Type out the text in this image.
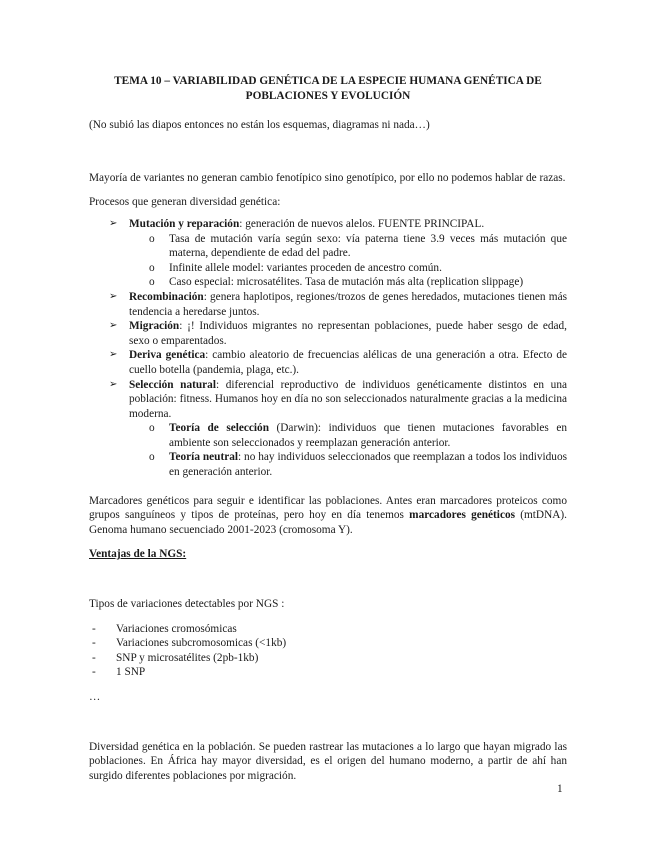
TEMA 10 – VARIABILIDAD GENÉTICA DE LA ESPECIE HUMANA GENÉTICA DE POBLACIONES Y EVOLUCIÓN

(No subió las diapos entonces no están los esquemas, diagramas ni nada…)

Mayoría de variantes no generan cambio fenotípico sino genotípico, por ello no podemos hablar de razas.

Procesos que generan diversidad genética:

➢ Mutación y reparación: generación de nuevos alelos. FUENTE PRINCIPAL.
o Tasa de mutación varía según sexo: vía paterna tiene 3.9 veces más mutación que materna, dependiente de edad del padre.
o Infinite allele model: variantes proceden de ancestro común.
o Caso especial: microsatélites. Tasa de mutación más alta (replication slippage)
➢ Recombinación: genera haplotipos, regiones/trozos de genes heredados, mutaciones tienen más tendencia a heredarse juntos.
➢ Migración: ¡! Individuos migrantes no representan poblaciones, puede haber sesgo de edad, sexo o emparentados.
➢ Deriva genética: cambio aleatorio de frecuencias alélicas de una generación a otra. Efecto de cuello botella (pandemia, plaga, etc.).
➢ Selección natural: diferencial reproductivo de individuos genéticamente distintos en una población: fitness. Humanos hoy en día no son seleccionados naturalmente gracias a la medicina moderna.
o Teoría de selección (Darwin): individuos que tienen mutaciones favorables en ambiente son seleccionados y reemplazan generación anterior.
o Teoría neutral: no hay individuos seleccionados que reemplazan a todos los individuos en generación anterior.

Marcadores genéticos para seguir e identificar las poblaciones. Antes eran marcadores proteicos como grupos sanguíneos y tipos de proteínas, pero hoy en día tenemos marcadores genéticos (mtDNA). Genoma humano secuenciado 2001-2023 (cromosoma Y).

Ventajas de la NGS:

Tipos de variaciones detectables por NGS :

- Variaciones cromosómicas
- Variaciones subcromosomicas (<1kb)
- SNP y microsatélites (2pb-1kb)
- 1 SNP

…

Diversidad genética en la población. Se pueden rastrear las mutaciones a lo largo que hayan migrado las poblaciones. En África hay mayor diversidad, es el origen del humano moderno, a partir de ahí han surgido diferentes poblaciones por migración.

1
